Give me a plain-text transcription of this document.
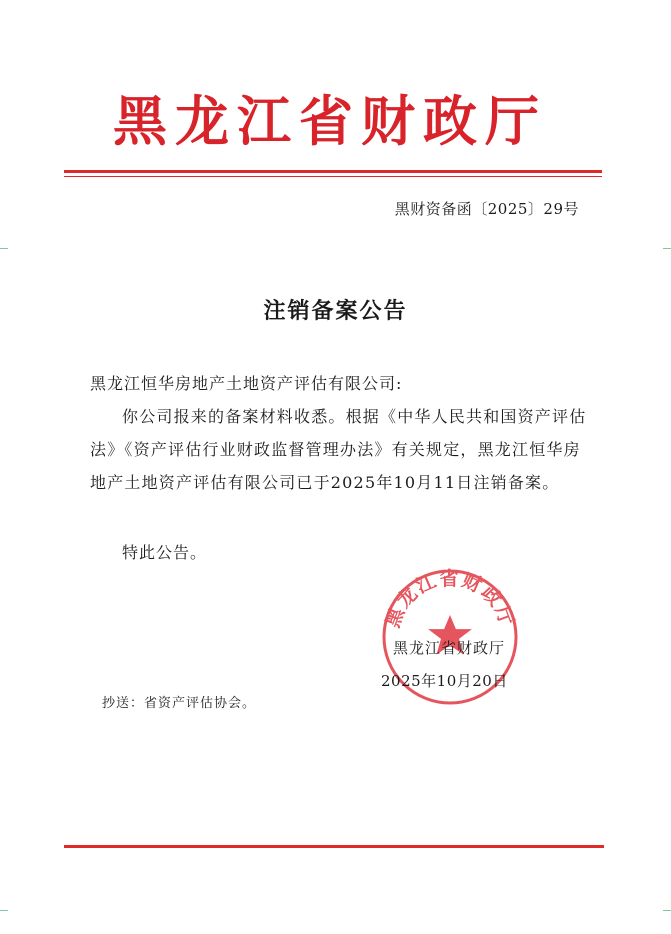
黑龙江省财政厅
黑财资备函〔2025〕29号
注销备案公告
黑龙江恒华房地产土地资产评估有限公司:

你公司报来的备案材料收悉。根据《中华人民共和国资产评估法》《资产评估行业财政监督管理办法》有关规定，黑龙江恒华房地产土地资产评估有限公司已于2025年10月11日注销备案。

特此公告。
黑龙江省财政厅
黑龙江省财政厅
2025年10月20日
抄送：省资产评估协会。
